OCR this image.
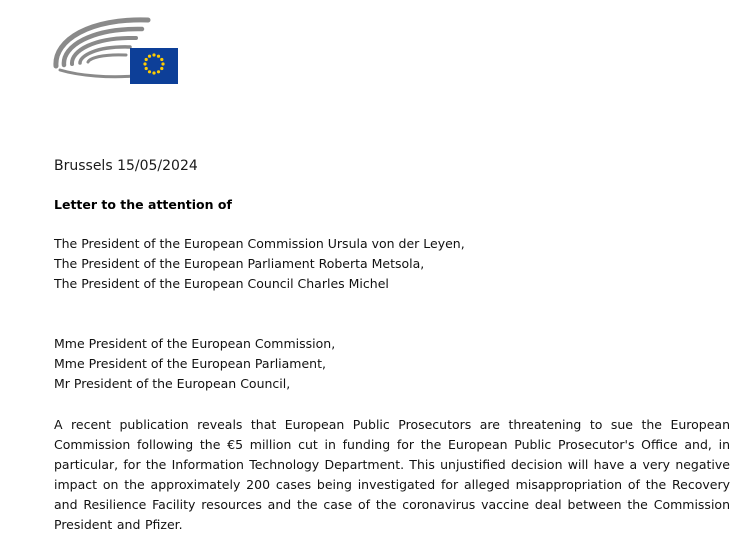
Brussels 15/05/2024
Letter to the attention of
The President of the European Commission Ursula von der Leyen,
The President of the European Parliament Roberta Metsola,
The President of the European Council Charles Michel
Mme President of the European Commission,
Mme President of the European Parliament,
Mr President of the European Council,
A recent publication reveals that European Public Prosecutors are threatening to sue the European Commission following the €5 million cut in funding for the European Public Prosecutor's Office and, in particular, for the Information Technology Department. This unjustified decision will have a very negative impact on the approximately 200 cases being investigated for alleged misappropriation of the Recovery and Resilience Facility resources and the case of the coronavirus vaccine deal between the Commission President and Pfizer.
